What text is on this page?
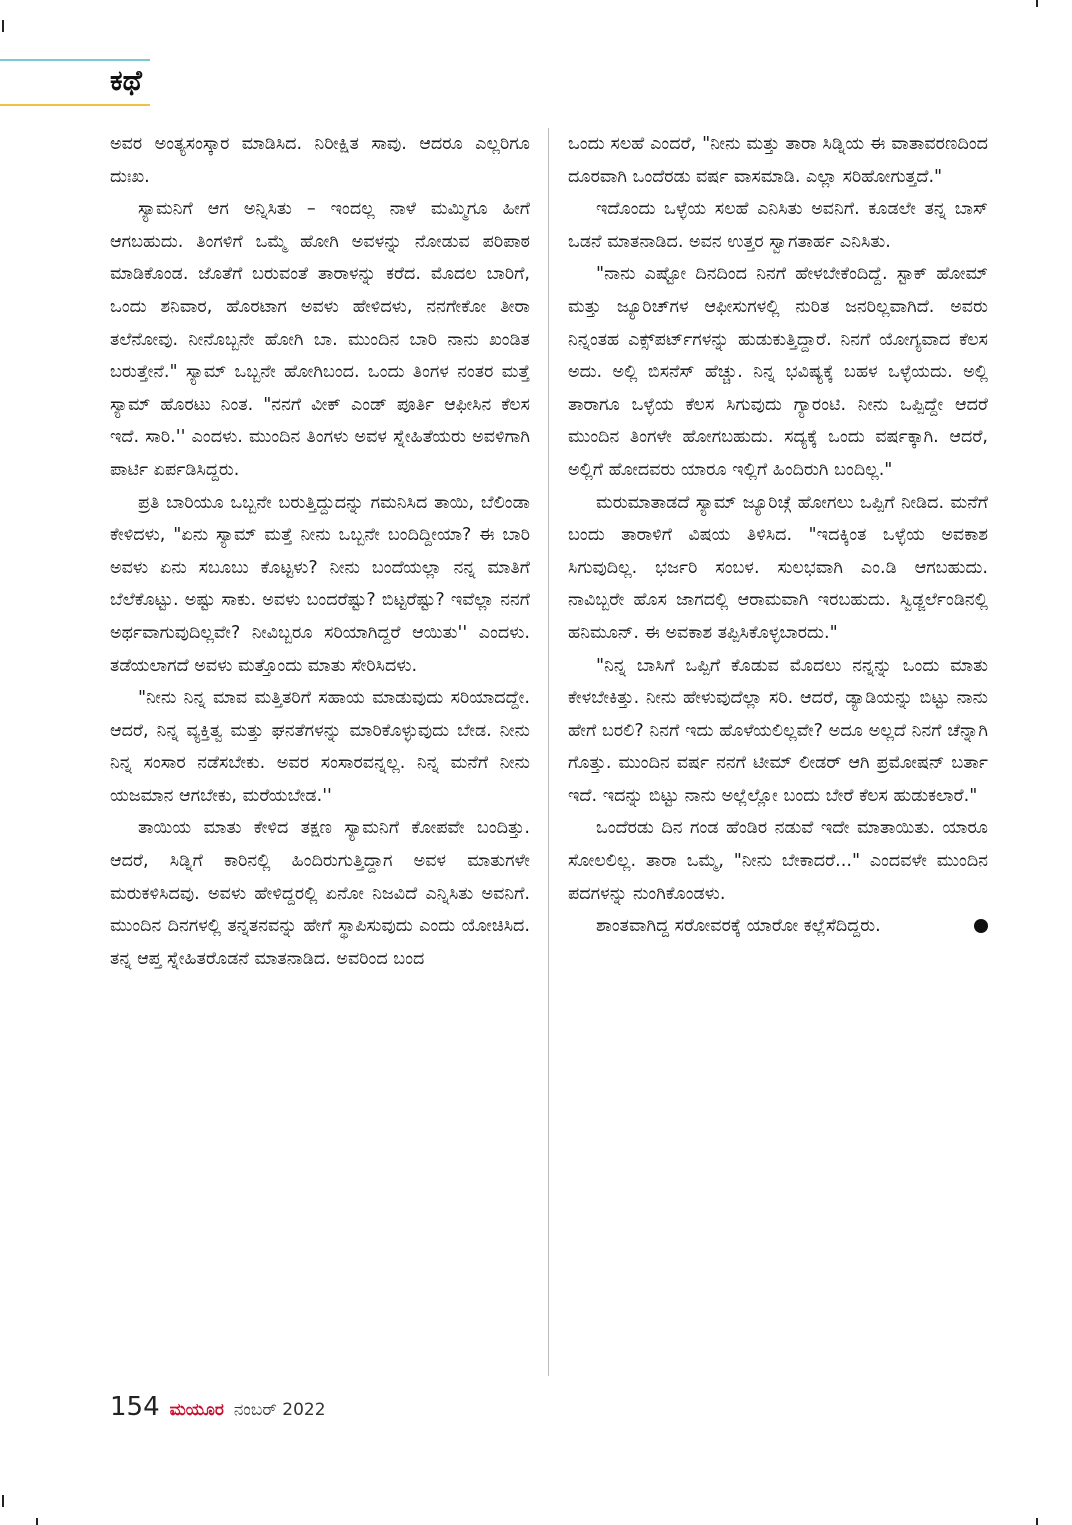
ಕಥೆ

ಅವರ ಅಂತ್ಯಸಂಸ್ಕಾರ ಮಾಡಿಸಿದ. ನಿರೀಕ್ಷಿತ ಸಾವು. ಆದರೂ ಎಲ್ಲರಿಗೂ ದುಃಖ.

ಸ್ಯಾಮನಿಗೆ ಆಗ ಅನ್ನಿಸಿತು – ಇಂದಲ್ಲ ನಾಳೆ ಮಮ್ಮಿಗೂ ಹೀಗೆ ಆಗಬಹುದು. ತಿಂಗಳಿಗೆ ಒಮ್ಮೆ ಹೋಗಿ ಅವಳನ್ನು ನೋಡುವ ಪರಿಪಾಠ ಮಾಡಿಕೊಂಡ. ಜೊತೆಗೆ ಬರುವಂತೆ ತಾರಾಳನ್ನು ಕರೆದ. ಮೊದಲ ಬಾರಿಗೆ, ಒಂದು ಶನಿವಾರ, ಹೊರಟಾಗ ಅವಳು ಹೇಳಿದಳು, ನನಗೇಕೋ ತೀರಾ ತಲೆನೋವು. ನೀನೊಬ್ಬನೇ ಹೋಗಿ ಬಾ. ಮುಂದಿನ ಬಾರಿ ನಾನು ಖಂಡಿತ ಬರುತ್ತೇನೆ." ಸ್ಯಾಮ್ ಒಬ್ಬನೇ ಹೋಗಿಬಂದ. ಒಂದು ತಿಂಗಳ ನಂತರ ಮತ್ತೆ ಸ್ಯಾಮ್ ಹೊರಟು ನಿಂತ. "ನನಗೆ ವೀಕ್ ಎಂಡ್ ಪೂರ್ತಿ ಆಫೀಸಿನ ಕೆಲಸ ಇದೆ. ಸಾರಿ.'' ಎಂದಳು. ಮುಂದಿನ ತಿಂಗಳು ಅವಳ ಸ್ನೇಹಿತೆಯರು ಅವಳಿಗಾಗಿ ಪಾರ್ಟಿ ಏರ್ಪಡಿಸಿದ್ದರು.

ಪ್ರತಿ ಬಾರಿಯೂ ಒಬ್ಬನೇ ಬರುತ್ತಿದ್ದುದನ್ನು ಗಮನಿಸಿದ ತಾಯಿ, ಬೆಲಿಂಡಾ ಕೇಳಿದಳು, "ಏನು ಸ್ಯಾಮ್ ಮತ್ತೆ ನೀನು ಒಬ್ಬನೇ ಬಂದಿದ್ದೀಯಾ? ಈ ಬಾರಿ ಅವಳು ಏನು ಸಬೂಬು ಕೊಟ್ಟಳು? ನೀನು ಬಂದೆಯಲ್ಲಾ ನನ್ನ ಮಾತಿಗೆ ಬೆಲೆಕೊಟ್ಟು. ಅಷ್ಟು ಸಾಕು. ಅವಳು ಬಂದರೆಷ್ಟು? ಬಿಟ್ಟರೆಷ್ಟು? ಇವೆಲ್ಲಾ ನನಗೆ ಅರ್ಥವಾಗುವುದಿಲ್ಲವೇ? ನೀವಿಬ್ಬರೂ ಸರಿಯಾಗಿದ್ದರೆ ಆಯಿತು'' ಎಂದಳು. ತಡೆಯಲಾಗದೆ ಅವಳು ಮತ್ತೊಂದು ಮಾತು ಸೇರಿಸಿದಳು.

"ನೀನು ನಿನ್ನ ಮಾವ ಮತ್ತಿತರಿಗೆ ಸಹಾಯ ಮಾಡುವುದು ಸರಿಯಾದದ್ದೇ. ಆದರೆ, ನಿನ್ನ ವ್ಯಕ್ತಿತ್ವ ಮತ್ತು ಘನತೆಗಳನ್ನು ಮಾರಿಕೊಳ್ಳುವುದು ಬೇಡ. ನೀನು ನಿನ್ನ ಸಂಸಾರ ನಡೆಸಬೇಕು. ಅವರ ಸಂಸಾರವನ್ನಲ್ಲ. ನಿನ್ನ ಮನೆಗೆ ನೀನು ಯಜಮಾನ ಆಗಬೇಕು, ಮರೆಯಬೇಡ.''

ತಾಯಿಯ ಮಾತು ಕೇಳಿದ ತಕ್ಷಣ ಸ್ಯಾಮನಿಗೆ ಕೋಪವೇ ಬಂದಿತ್ತು. ಆದರೆ, ಸಿಡ್ನಿಗೆ ಕಾರಿನಲ್ಲಿ ಹಿಂದಿರುಗುತ್ತಿದ್ದಾಗ ಅವಳ ಮಾತುಗಳೇ ಮರುಕಳಿಸಿದವು. ಅವಳು ಹೇಳಿದ್ದರಲ್ಲಿ ಏನೋ ನಿಜವಿದೆ ಎನ್ನಿಸಿತು ಅವನಿಗೆ. ಮುಂದಿನ ದಿನಗಳಲ್ಲಿ ತನ್ನತನವನ್ನು ಹೇಗೆ ಸ್ಥಾಪಿಸುವುದು ಎಂದು ಯೋಚಿಸಿದ. ತನ್ನ ಆಪ್ತ ಸ್ನೇಹಿತರೊಡನೆ ಮಾತನಾಡಿದ. ಅವರಿಂದ ಬಂದ

ಒಂದು ಸಲಹೆ ಎಂದರೆ, "ನೀನು ಮತ್ತು ತಾರಾ ಸಿಡ್ನಿಯ ಈ ವಾತಾವರಣದಿಂದ ದೂರವಾಗಿ ಒಂದೆರಡು ವರ್ಷ ವಾಸಮಾಡಿ. ಎಲ್ಲಾ ಸರಿಹೋಗುತ್ತದೆ."

ಇದೊಂದು ಒಳ್ಳೆಯ ಸಲಹೆ ಎನಿಸಿತು ಅವನಿಗೆ. ಕೂಡಲೇ ತನ್ನ ಬಾಸ್ ಒಡನೆ ಮಾತನಾಡಿದ. ಅವನ ಉತ್ತರ ಸ್ವಾಗತಾರ್ಹ ಎನಿಸಿತು.

"ನಾನು ಎಷ್ಟೋ ದಿನದಿಂದ ನಿನಗೆ ಹೇಳಬೇಕೆಂದಿದ್ದೆ. ಸ್ಟಾಕ್ ಹೋಮ್ ಮತ್ತು ಜ್ಯೂರಿಚ್‌ಗಳ ಆಫೀಸುಗಳಲ್ಲಿ ನುರಿತ ಜನರಿಲ್ಲವಾಗಿದೆ. ಅವರು ನಿನ್ನಂತಹ ಎಕ್ಸ್‌ಪರ್ಟ್‌ಗಳನ್ನು ಹುಡುಕುತ್ತಿದ್ದಾರೆ. ನಿನಗೆ ಯೋಗ್ಯವಾದ ಕೆಲಸ ಅದು. ಅಲ್ಲಿ ಬಿಸನೆಸ್ ಹೆಚ್ಚು. ನಿನ್ನ ಭವಿಷ್ಯಕ್ಕೆ ಬಹಳ ಒಳ್ಳೆಯದು. ಅಲ್ಲಿ ತಾರಾಗೂ ಒಳ್ಳೆಯ ಕೆಲಸ ಸಿಗುವುದು ಗ್ಯಾರಂಟಿ. ನೀನು ಒಪ್ಪಿದ್ದೇ ಆದರೆ ಮುಂದಿನ ತಿಂಗಳೇ ಹೋಗಬಹುದು. ಸದ್ಯಕ್ಕೆ ಒಂದು ವರ್ಷಕ್ಕಾಗಿ. ಆದರೆ, ಅಲ್ಲಿಗೆ ಹೋದವರು ಯಾರೂ ಇಲ್ಲಿಗೆ ಹಿಂದಿರುಗಿ ಬಂದಿಲ್ಲ."

ಮರುಮಾತಾಡದೆ ಸ್ಯಾಮ್ ಜ್ಯೂರಿಚ್ಗೆ ಹೋಗಲು ಒಪ್ಪಿಗೆ ನೀಡಿದ. ಮನೆಗೆ ಬಂದು ತಾರಾಳಿಗೆ ವಿಷಯ ತಿಳಿಸಿದ. "ಇದಕ್ಕಿಂತ ಒಳ್ಳೆಯ ಅವಕಾಶ ಸಿಗುವುದಿಲ್ಲ. ಭರ್ಜರಿ ಸಂಬಳ. ಸುಲಭವಾಗಿ ಎಂ.ಡಿ ಆಗಬಹುದು. ನಾವಿಬ್ಬರೇ ಹೊಸ ಜಾಗದಲ್ಲಿ ಆರಾಮವಾಗಿ ಇರಬಹುದು. ಸ್ವಿಡ್ಜರ್ಲೆಂಡಿನಲ್ಲಿ ಹನಿಮೂನ್. ಈ ಅವಕಾಶ ತಪ್ಪಿಸಿಕೊಳ್ಳಬಾರದು."

"ನಿನ್ನ ಬಾಸಿಗೆ ಒಪ್ಪಿಗೆ ಕೊಡುವ ಮೊದಲು ನನ್ನನ್ನು ಒಂದು ಮಾತು ಕೇಳಬೇಕಿತ್ತು. ನೀನು ಹೇಳುವುದೆಲ್ಲಾ ಸರಿ. ಆದರೆ, ಡ್ಯಾಡಿಯನ್ನು ಬಿಟ್ಟು ನಾನು ಹೇಗೆ ಬರಲಿ? ನಿನಗೆ ಇದು ಹೊಳೆಯಲಿಲ್ಲವೇ? ಅದೂ ಅಲ್ಲದೆ ನಿನಗೆ ಚೆನ್ನಾಗಿ ಗೊತ್ತು. ಮುಂದಿನ ವರ್ಷ ನನಗೆ ಟೀಮ್ ಲೀಡರ್ ಆಗಿ ಪ್ರಮೋಷನ್ ಬರ್ತಾ ಇದೆ. ಇದನ್ನು ಬಿಟ್ಟು ನಾನು ಅಲ್ಲೆಲ್ಲೋ ಬಂದು ಬೇರೆ ಕೆಲಸ ಹುಡುಕಲಾರೆ."

ಒಂದೆರಡು ದಿನ ಗಂಡ ಹೆಂಡಿರ ನಡುವೆ ಇದೇ ಮಾತಾಯಿತು. ಯಾರೂ ಸೋಲಲಿಲ್ಲ. ತಾರಾ ಒಮ್ಮೆ, "ನೀನು ಬೇಕಾದರೆ..." ಎಂದವಳೇ ಮುಂದಿನ ಪದಗಳನ್ನು ನುಂಗಿಕೊಂಡಳು.

ಶಾಂತವಾಗಿದ್ದ ಸರೋವರಕ್ಕೆ ಯಾರೋ ಕಲ್ಲೆಸೆದಿದ್ದರು.

154 ಮಯೂರ ನಂಬರ್ 2022
